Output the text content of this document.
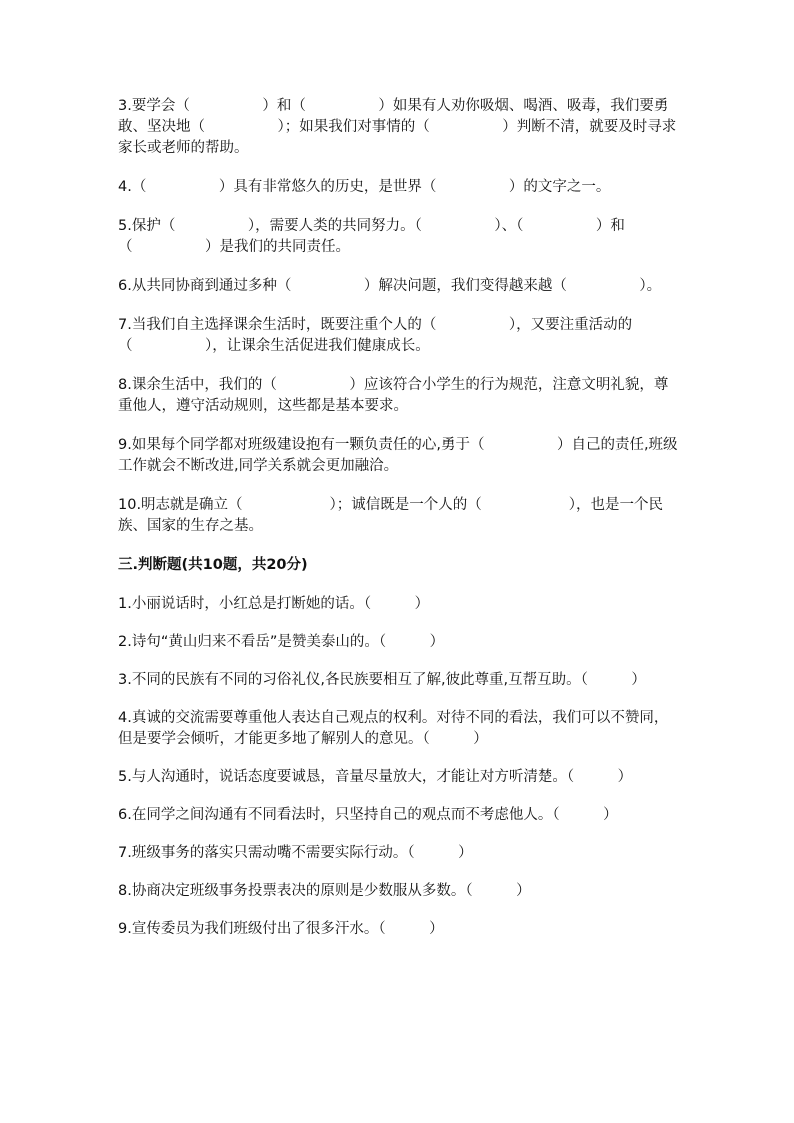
3.要学会（　　　　　）和（　　　　　）如果有人劝你吸烟、喝酒、吸毒，我们要勇敢、坚决地（　　　　　）；如果我们对事情的（　　　　　）判断不清，就要及时寻求家长或老师的帮助。

4.（　　　　　）具有非常悠久的历史，是世界（　　　　　）的文字之一。

5.保护（　　　　　），需要人类的共同努力。（　　　　　）、（　　　　　）和（　　　　　）是我们的共同责任。

6.从共同协商到通过多种（　　　　　）解决问题，我们变得越来越（　　　　　）。

7.当我们自主选择课余生活时，既要注重个人的（　　　　　），又要注重活动的（　　　　　），让课余生活促进我们健康成长。

8.课余生活中，我们的（　　　　　）应该符合小学生的行为规范，注意文明礼貌，尊重他人，遵守活动规则，这些都是基本要求。

9.如果每个同学都对班级建设抱有一颗负责任的心,勇于（　　　　　）自己的责任,班级工作就会不断改进,同学关系就会更加融洽。

10.明志就是确立（　　　　　　）；诚信既是一个人的（　　　　　　），也是一个民族、国家的生存之基。

三.判断题(共10题，共20分)

1.小丽说话时，小红总是打断她的话。（　　　）

2.诗句“黄山归来不看岳”是赞美泰山的。（　　　）

3.不同的民族有不同的习俗礼仪,各民族要相互了解,彼此尊重,互帮互助。（　　　）

4.真诚的交流需要尊重他人表达自己观点的权利。对待不同的看法，我们可以不赞同，但是要学会倾听，才能更多地了解别人的意见。（　　　）

5.与人沟通时，说话态度要诚恳，音量尽量放大，才能让对方听清楚。（　　　）

6.在同学之间沟通有不同看法时，只坚持自己的观点而不考虑他人。（　　　）

7.班级事务的落实只需动嘴不需要实际行动。（　　　）

8.协商决定班级事务投票表决的原则是少数服从多数。（　　　）

9.宣传委员为我们班级付出了很多汗水。（　　　）
